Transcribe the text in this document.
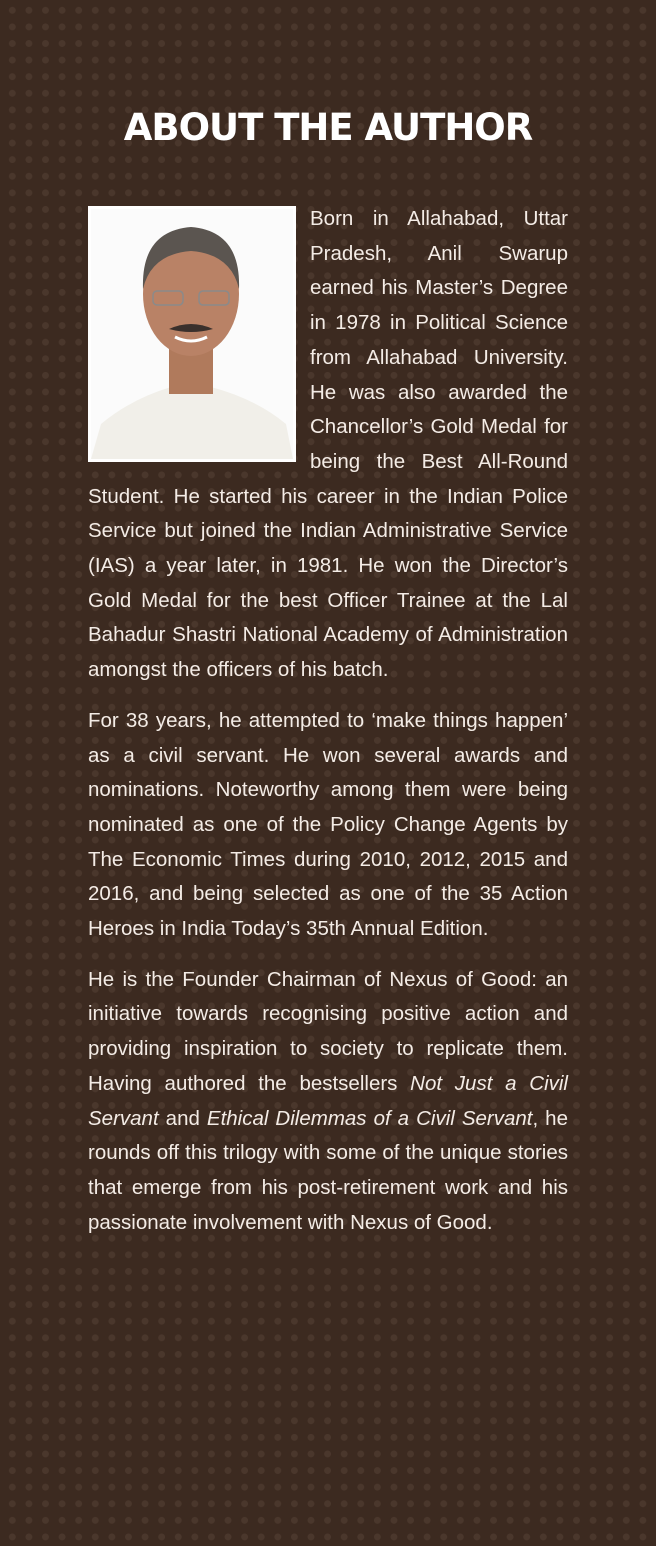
ABOUT THE AUTHOR

Born in Allahabad, Uttar Pradesh, Anil Swarup earned his Master’s Degree in 1978 in Political Science from Allahabad University. He was also awarded the Chancellor’s Gold Medal for being the Best All-Round Student. He started his career in the Indian Police Service but joined the Indian Administrative Service (IAS) a year later, in 1981. He won the Director’s Gold Medal for the best Officer Trainee at the Lal Bahadur Shastri National Academy of Administration amongst the officers of his batch.

For 38 years, he attempted to ‘make things happen’ as a civil servant. He won several awards and nominations. Noteworthy among them were being nominated as one of the Policy Change Agents by The Economic Times during 2010, 2012, 2015 and 2016, and being selected as one of the 35 Action Heroes in India Today’s 35th Annual Edition.

He is the Founder Chairman of Nexus of Good: an initiative towards recognising positive action and providing inspiration to society to replicate them. Having authored the bestsellers Not Just a Civil Servant and Ethical Dilemmas of a Civil Servant, he rounds off this trilogy with some of the unique stories that emerge from his post-retirement work and his passionate involvement with Nexus of Good.
